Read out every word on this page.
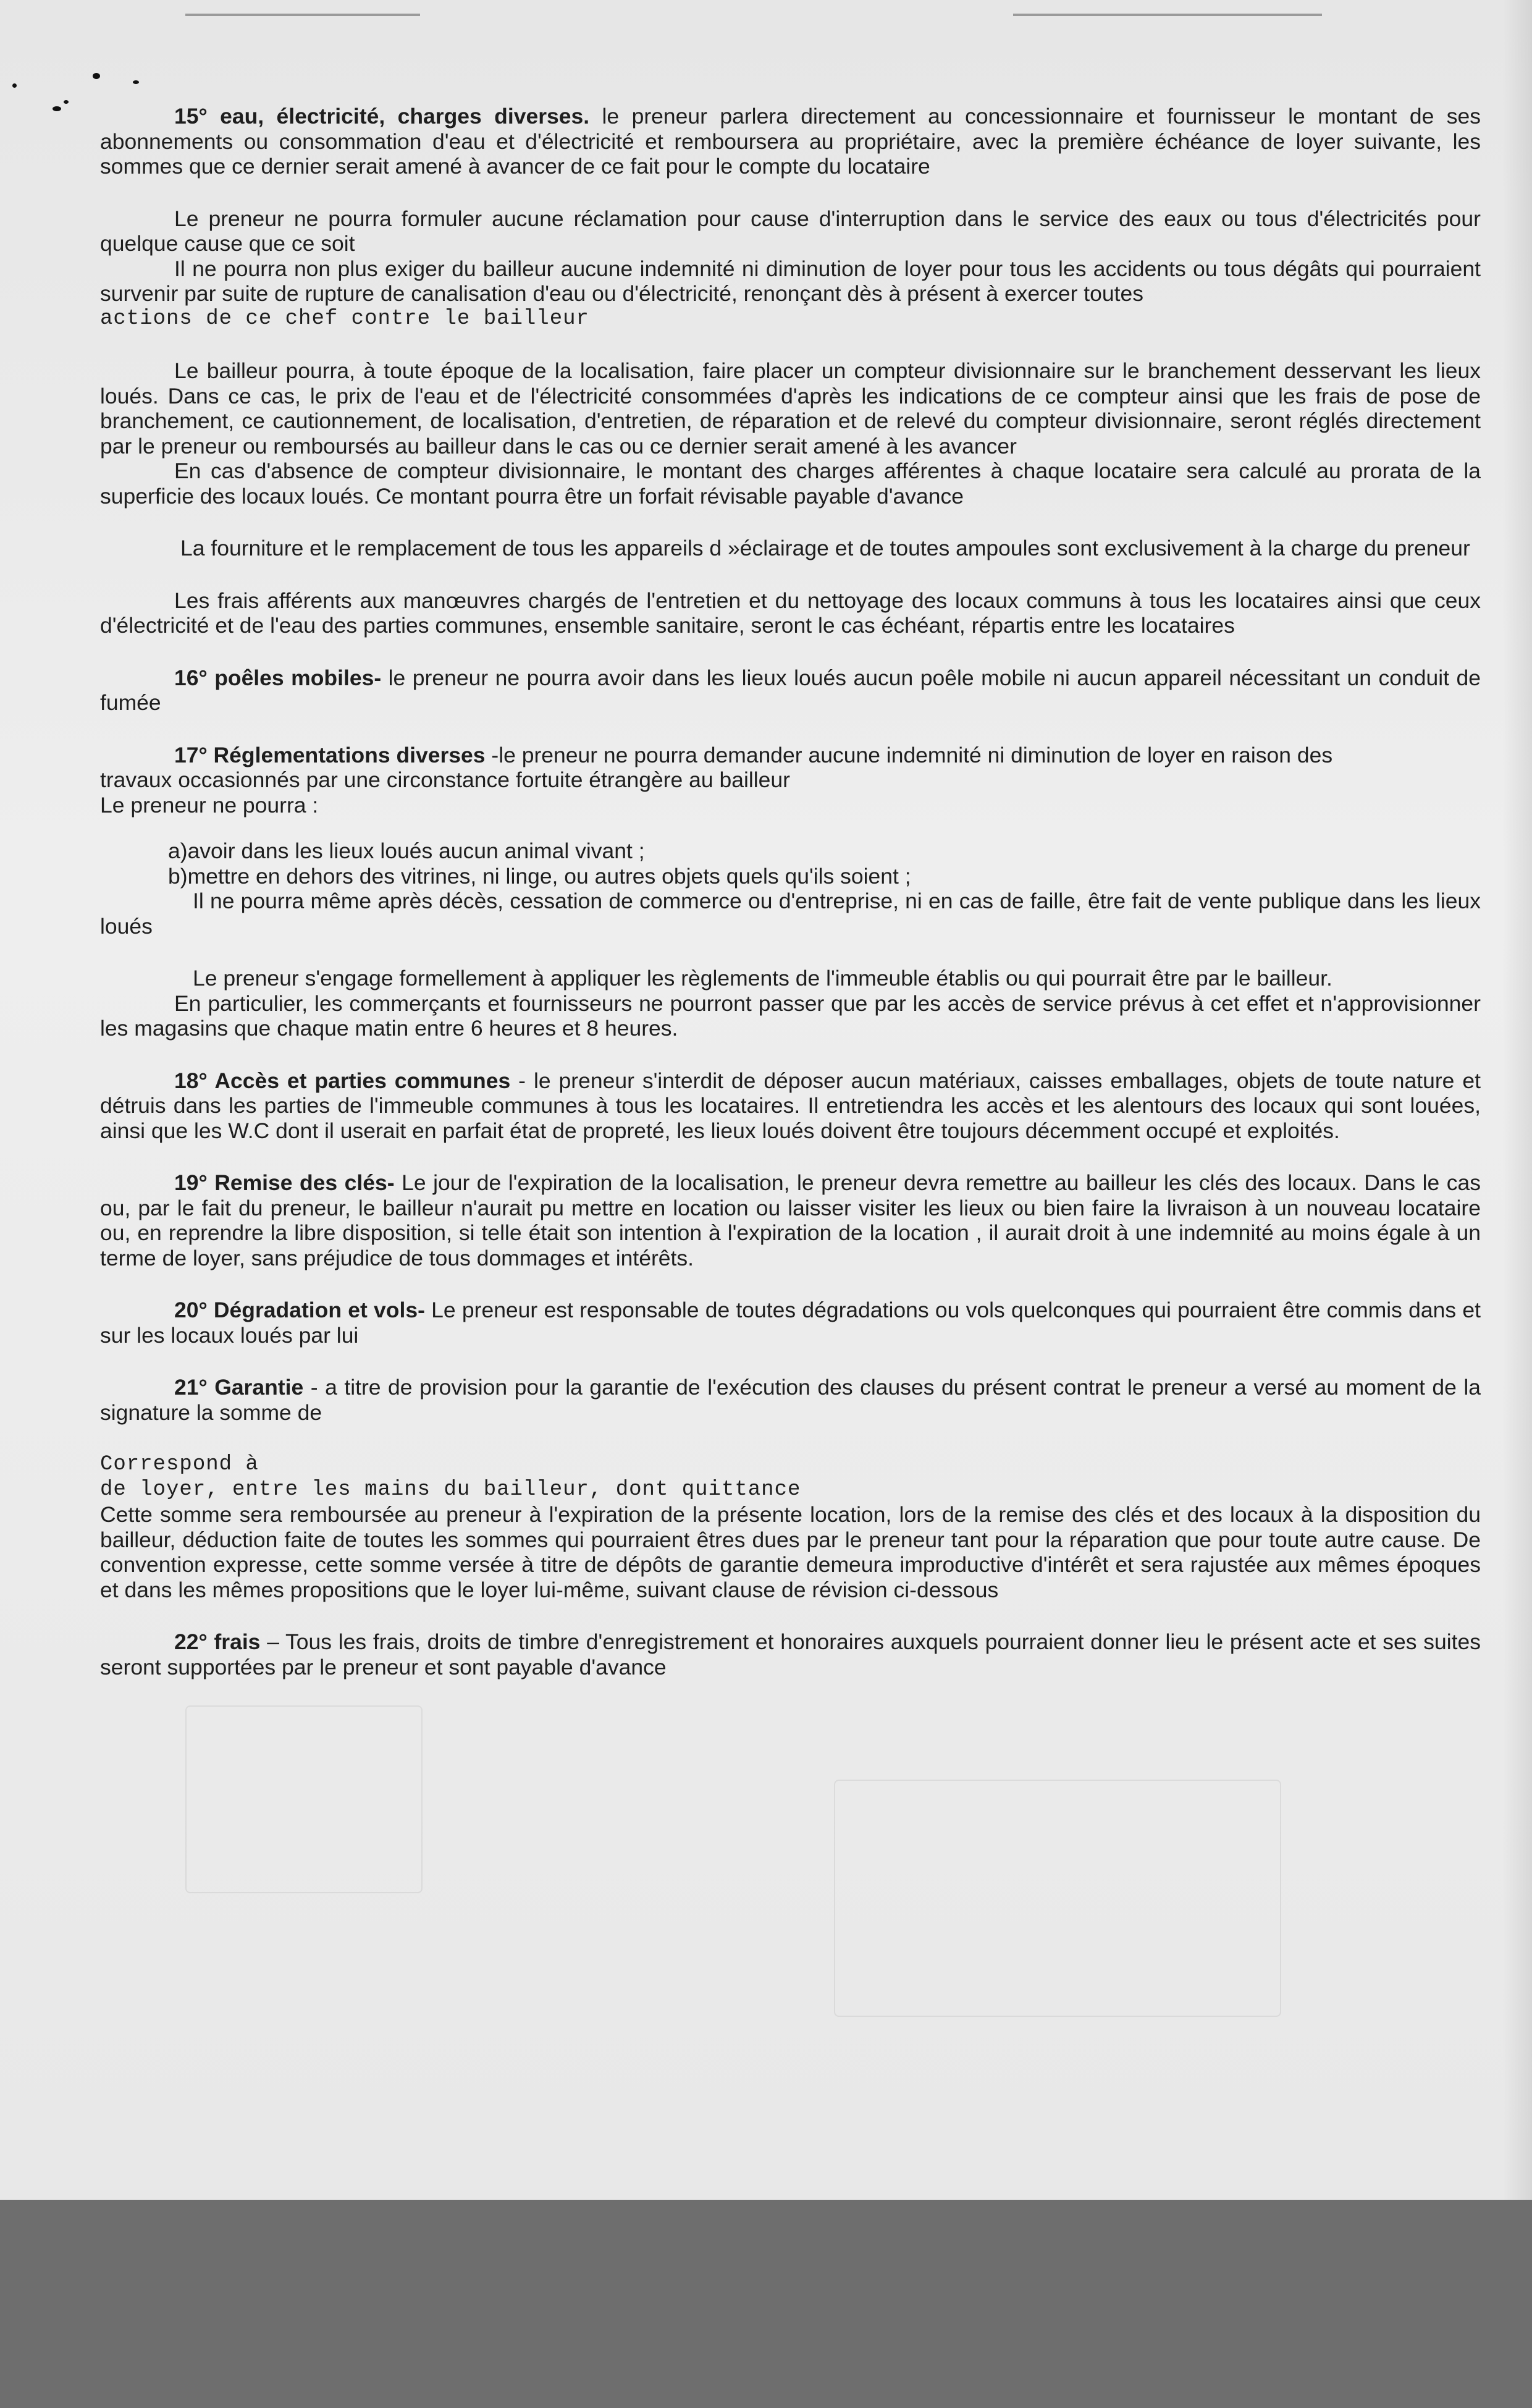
15° eau, électricité, charges diverses. le preneur parlera directement au concessionnaire et fournisseur le montant de ses abonnements ou consommation d'eau et d'électricité et remboursera au propriétaire, avec la première échéance de loyer suivante, les sommes que ce dernier serait amené à avancer de ce fait pour le compte du locataire

Le preneur ne pourra formuler aucune réclamation pour cause d'interruption dans le service des eaux ou tous d'électricités pour quelque cause que ce soit

Il ne pourra non plus exiger du bailleur aucune indemnité ni diminution de loyer pour tous les accidents ou tous dégâts qui pourraient survenir par suite de rupture de canalisation d'eau ou d'électricité, renonçant dès à présent à exercer toutes

actions de ce chef contre le bailleur

Le bailleur pourra, à toute époque de la localisation, faire placer un compteur divisionnaire sur le branchement desservant les lieux loués. Dans ce cas, le prix de l'eau et de l'électricité consommées d'après les indications de ce compteur ainsi que les frais de pose de branchement, ce cautionnement, de localisation, d'entretien, de réparation et de relevé du compteur divisionnaire, seront réglés directement par le preneur ou remboursés au bailleur dans le cas ou ce dernier serait amené à les avancer

En cas d'absence de compteur divisionnaire, le montant des charges afférentes à chaque locataire sera calculé au prorata de la superficie des locaux loués. Ce montant pourra être un forfait révisable payable d'avance

La fourniture et le remplacement de tous les appareils d »éclairage et de toutes ampoules sont exclusivement à la charge du preneur

Les frais afférents aux manœuvres chargés de l'entretien et du nettoyage des locaux communs à tous les locataires ainsi que ceux d'électricité et de l'eau des parties communes, ensemble sanitaire, seront le cas échéant, répartis entre les locataires

16° poêles mobiles- le preneur ne pourra avoir dans les lieux loués aucun poêle mobile ni aucun appareil nécessitant un conduit de fumée

17° Réglementations diverses -le preneur ne pourra demander aucune indemnité ni diminution de loyer en raison des

travaux occasionnés par une circonstance fortuite étrangère au bailleur

Le preneur ne pourra :

a)avoir dans les lieux loués aucun animal vivant ;

b)mettre en dehors des vitrines, ni linge, ou autres objets quels qu'ils soient ;

Il ne pourra même après décès, cessation de commerce ou d'entreprise, ni en cas de faille, être fait de vente publique dans les lieux loués

Le preneur s'engage formellement à appliquer les règlements de l'immeuble établis ou qui pourrait être par le bailleur.

En particulier, les commerçants et fournisseurs ne pourront passer que par les accès de service prévus à cet effet et n'approvisionner les magasins que chaque matin entre 6 heures et 8 heures.

18° Accès et parties communes - le preneur s'interdit de déposer aucun matériaux, caisses emballages, objets de toute nature et détruis dans les parties de l'immeuble communes à tous les locataires. Il entretiendra les accès et les alentours des locaux qui sont louées, ainsi que les W.C dont il userait en parfait état de propreté, les lieux loués doivent être toujours décemment occupé et exploités.

19° Remise des clés- Le jour de l'expiration de la localisation, le preneur devra remettre au bailleur les clés des locaux. Dans le cas ou, par le fait du preneur, le bailleur n'aurait pu mettre en location ou laisser visiter les lieux ou bien faire la livraison à un nouveau locataire ou, en reprendre la libre disposition, si telle était son intention à l'expiration de la location , il aurait droit à une indemnité au moins égale à un terme de loyer, sans préjudice de tous dommages et intérêts.

20° Dégradation et vols- Le preneur est responsable de toutes dégradations ou vols quelconques qui pourraient être commis dans et sur les locaux loués par lui

21° Garantie - a titre de provision pour la garantie de l'exécution des clauses du présent contrat le preneur a versé au moment de la signature la somme de

Correspond à

de loyer, entre les mains du bailleur, dont quittance

Cette somme sera remboursée au preneur à l'expiration de la présente location, lors de la remise des clés et des locaux à la disposition du bailleur, déduction faite de toutes les sommes qui pourraient êtres dues par le preneur tant pour la réparation que pour toute autre cause. De convention expresse, cette somme versée à titre de dépôts de garantie demeura improductive d'intérêt et sera rajustée aux mêmes époques et dans les mêmes propositions que le loyer lui-même, suivant clause de révision ci-dessous

22° frais – Tous les frais, droits de timbre d'enregistrement et honoraires auxquels pourraient donner lieu le présent acte et ses suites seront supportées par le preneur et sont payable d'avance
